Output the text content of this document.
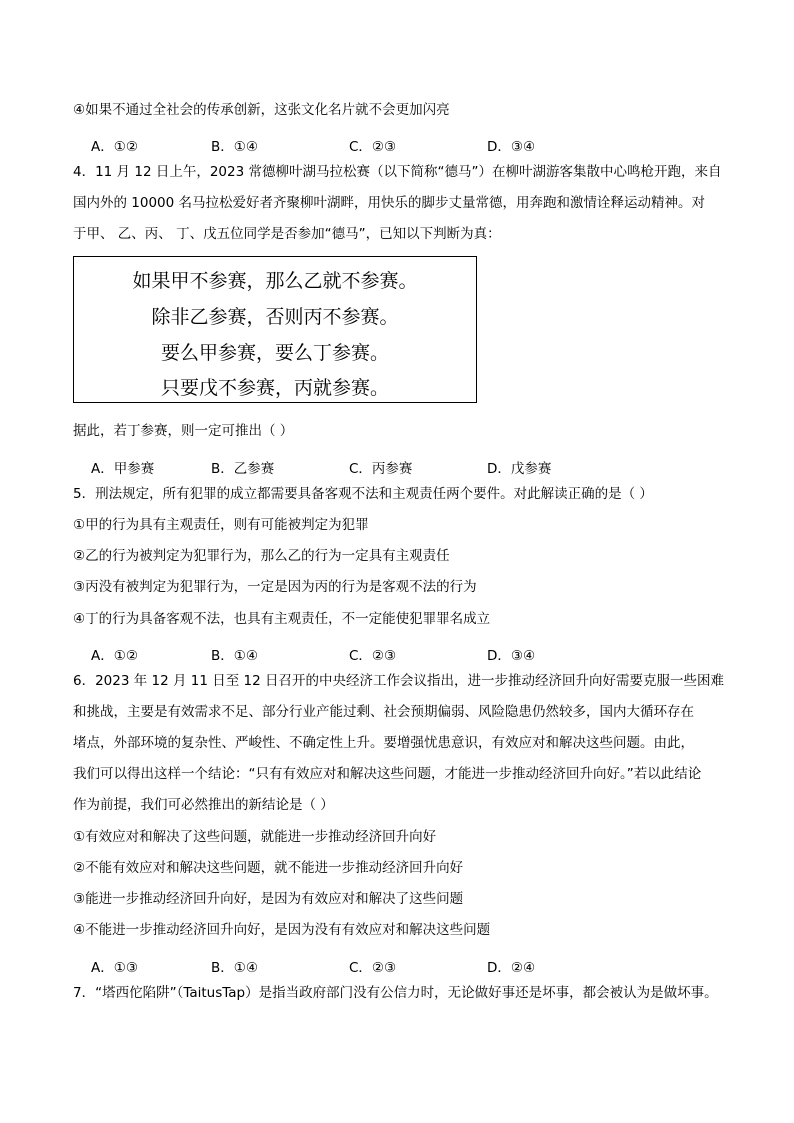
④如果不通过全社会的传承创新，这张文化名片就不会更加闪亮
A．①②	B．①④	C．②③	D．③④
4．11 月 12 日上午，2023 常德柳叶湖马拉松赛（以下简称“德马”）在柳叶湖游客集散中心鸣枪开跑，来自
国内外的 10000 名马拉松爱好者齐聚柳叶湖畔，用快乐的脚步丈量常德，用奔跑和激情诠释运动精神。对
于甲、 乙、丙、 丁、戊五位同学是否参加“德马”，已知以下判断为真：
如果甲不参赛，那么乙就不参赛。
除非乙参赛，否则丙不参赛。
要么甲参赛，要么丁参赛。
只要戊不参赛，丙就参赛。
据此，若丁参赛，则一定可推出（ ）
A．甲参赛	B．乙参赛	C．丙参赛	D．戊参赛
5．刑法规定，所有犯罪的成立都需要具备客观不法和主观责任两个要件。对此解读正确的是（ ）
①甲的行为具有主观责任，则有可能被判定为犯罪
②乙的行为被判定为犯罪行为，那么乙的行为一定具有主观责任
③丙没有被判定为犯罪行为，一定是因为丙的行为是客观不法的行为
④丁的行为具备客观不法，也具有主观责任，不一定能使犯罪罪名成立
A．①②	B．①④	C．②③	D．③④
6．2023 年 12 月 11 日至 12 日召开的中央经济工作会议指出，进一步推动经济回升向好需要克服一些困难
和挑战，主要是有效需求不足、部分行业产能过剩、社会预期偏弱、风险隐患仍然较多，国内大循环存在
堵点，外部环境的复杂性、严峻性、不确定性上升。要增强忧患意识，有效应对和解决这些问题。由此，
我们可以得出这样一个结论：“只有有效应对和解决这些问题，才能进一步推动经济回升向好。”若以此结论
作为前提，我们可必然推出的新结论是（ ）
①有效应对和解决了这些问题，就能进一步推动经济回升向好
②不能有效应对和解决这些问题，就不能进一步推动经济回升向好
③能进一步推动经济回升向好，是因为有效应对和解决了这些问题
④不能进一步推动经济回升向好，是因为没有有效应对和解决这些问题
A．①③	B．①④	C．②③	D．②④
7．“塔西佗陷阱”（TaitusTap）是指当政府部门没有公信力时，无论做好事还是坏事，都会被认为是做坏事。
